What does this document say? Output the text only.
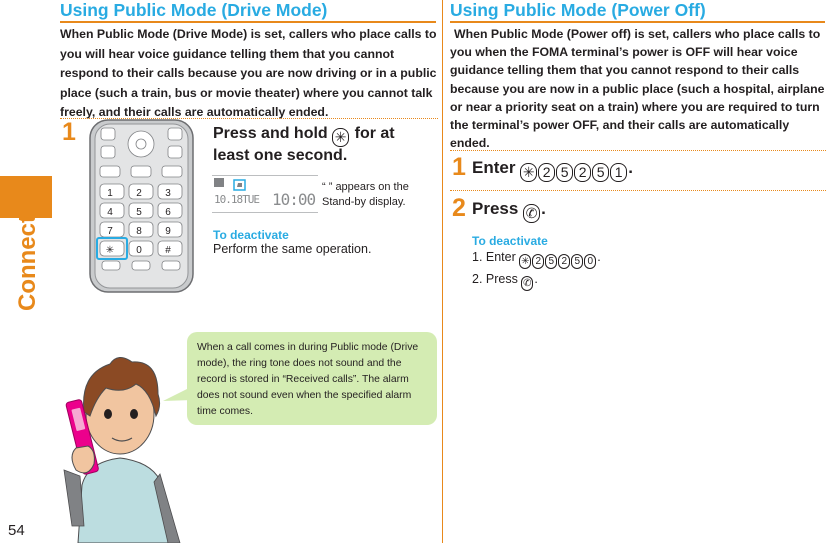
Connect
54
Using Public Mode (Drive Mode)
When Public Mode (Drive Mode) is set, callers who place calls to you will hear voice guidance telling them that you cannot respond to their calls because you are now driving or in a public place (such a train, bus or movie theater) where you cannot talk freely, and their calls are automatically ended.
1
1 2 3
4 5 6
7 8 9
✳ 0 #
Press and hold ✳ for at
least one second.
10.18TUE 10:00
“ ” appears on the Stand-by display.
To deactivate
Perform the same operation.
When a call comes in during Public mode (Drive mode), the ring tone does not sound and the record is stored in “Received calls”. The alarm does not sound even when the specified alarm time comes.
Using Public Mode (Power Off)
When Public Mode (Power off) is set, callers who place calls to you when the FOMA terminal’s power is OFF will hear voice guidance telling them that you cannot respond to their calls because you are now in a public place (such a hospital, airplane or near a priority seat on a train) where you are required to turn the terminal’s power OFF, and their calls are automatically ended.
1 Enter ✳ 2 5 2 5 1 .
2 Press ✆ .
To deactivate
1. Enter ✳ 2 5 2 5 0 .
2. Press ✆ .
